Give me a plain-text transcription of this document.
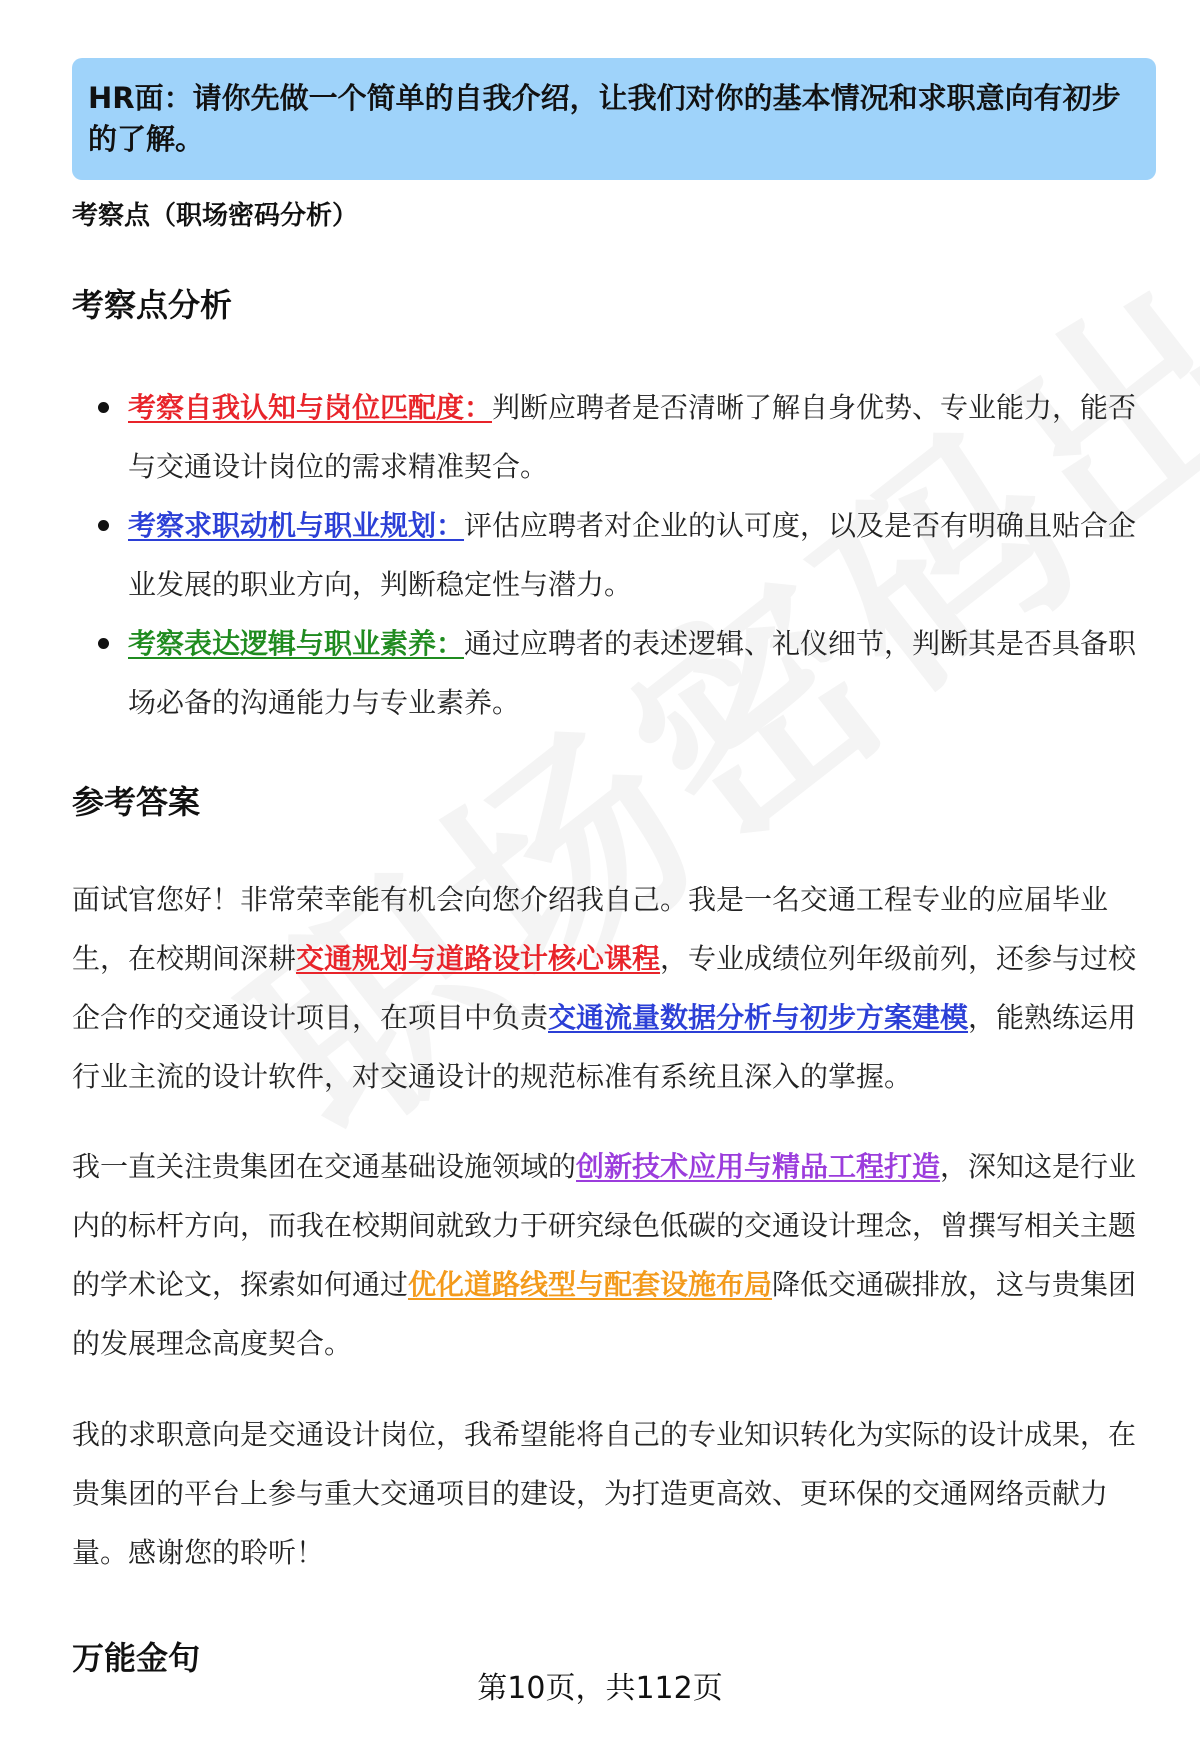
HR面：请你先做一个简单的自我介绍，让我们对你的基本情况和求职意向有初步的了解。
考察点（职场密码分析）
考察点分析
考察自我认知与岗位匹配度：判断应聘者是否清晰了解自身优势、专业能力，能否与交通设计岗位的需求精准契合。
考察求职动机与职业规划：评估应聘者对企业的认可度，以及是否有明确且贴合企业发展的职业方向，判断稳定性与潜力。
考察表达逻辑与职业素养：通过应聘者的表述逻辑、礼仪细节，判断其是否具备职场必备的沟通能力与专业素养。
参考答案

面试官您好！非常荣幸能有机会向您介绍我自己。我是一名交通工程专业的应届毕业生，在校期间深耕交通规划与道路设计核心课程，专业成绩位列年级前列，还参与过校企合作的交通设计项目，在项目中负责交通流量数据分析与初步方案建模，能熟练运用行业主流的设计软件，对交通设计的规范标准有系统且深入的掌握。

我一直关注贵集团在交通基础设施领域的创新技术应用与精品工程打造，深知这是行业内的标杆方向，而我在校期间就致力于研究绿色低碳的交通设计理念，曾撰写相关主题的学术论文，探索如何通过优化道路线型与配套设施布局降低交通碳排放，这与贵集团的发展理念高度契合。

我的求职意向是交通设计岗位，我希望能将自己的专业知识转化为实际的设计成果，在贵集团的平台上参与重大交通项目的建设，为打造更高效、更环保的交通网络贡献力量。感谢您的聆听！

万能金句
第10页，共112页
